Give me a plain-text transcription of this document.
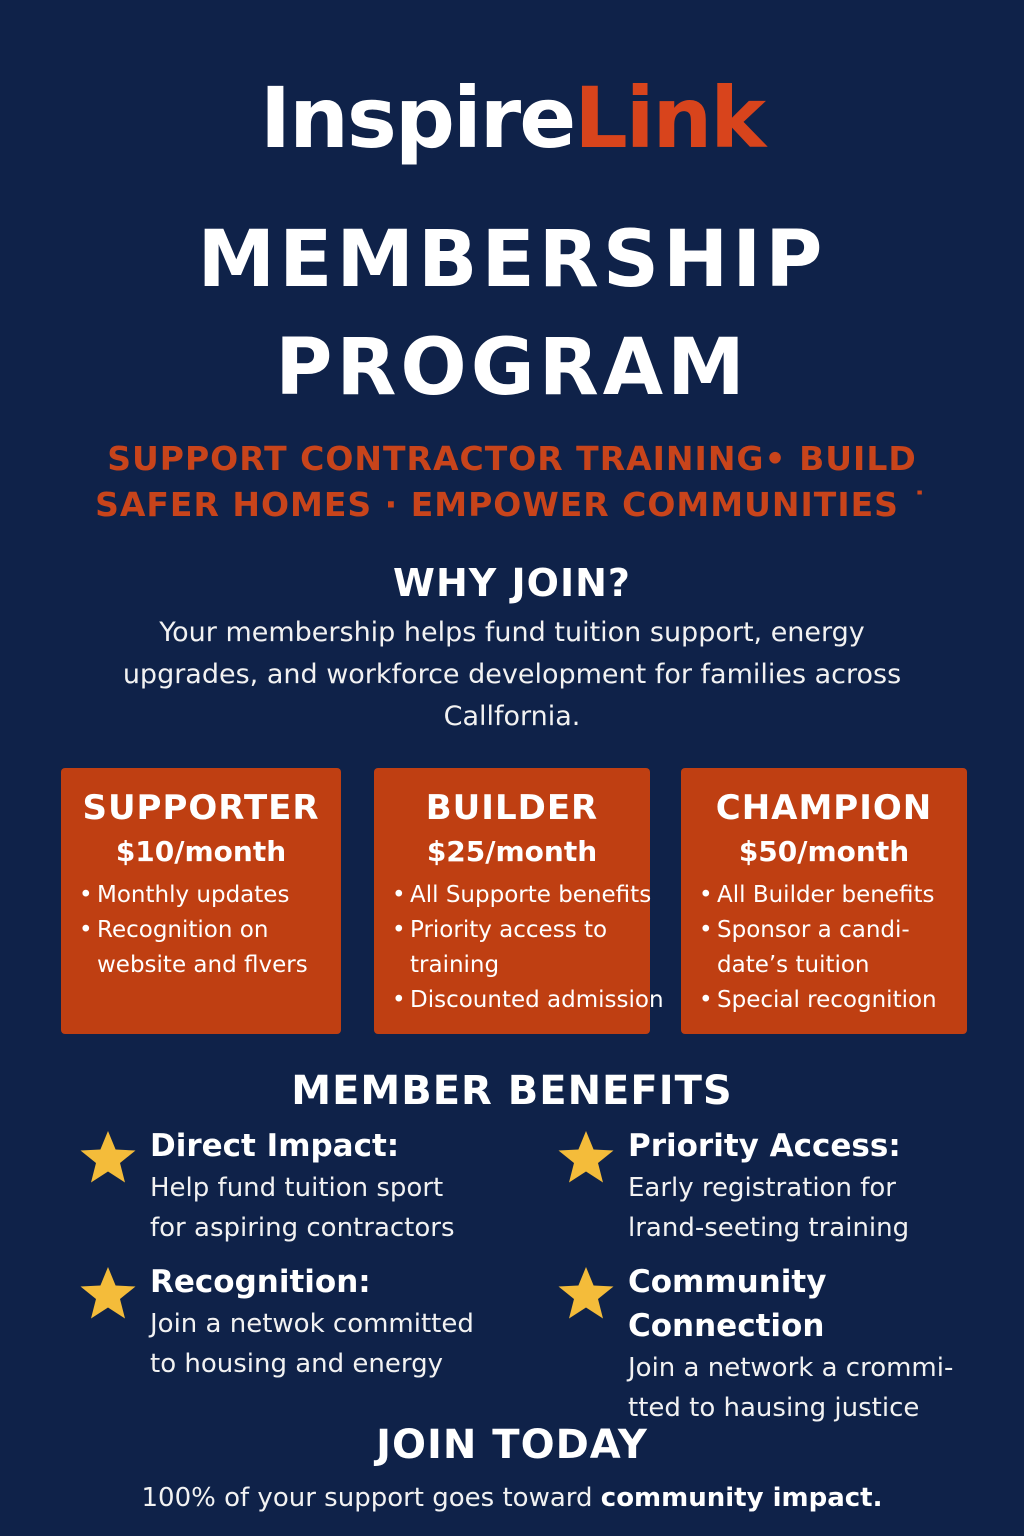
InspireLink
MEMBERSHIP
PROGRAM
SUPPORT CONTRACTOR TRAINING• BUILD
SAFER HOMES · EMPOWER COMMUNITIES ˙
WHY JOIN?
Your membership helps fund tuition support, energy upgrades, and workforce development for families across Callfornia.
SUPPORTER
$10/month
• Monthly updates
• Recognition on website and flvers
BUILDER
$25/month
• All Supporte benefits
• Priority access to training
• Discounted admission
CHAMPION
$50/month
• All Builder benefits
• Sponsor a candi-date’s tuition
• Special recognition
MEMBER BENEFITS
Direct Impact:
Help fund tuition sport for aspiring contractors
Priority Access:
Early registration for lrand-seeting training
Recognition:
Join a netwok committed to housing and energy
Community Connection
Join a network a crommi-tted to hausing justice
JOIN TODAY
100% of your support goes toward community impact.
